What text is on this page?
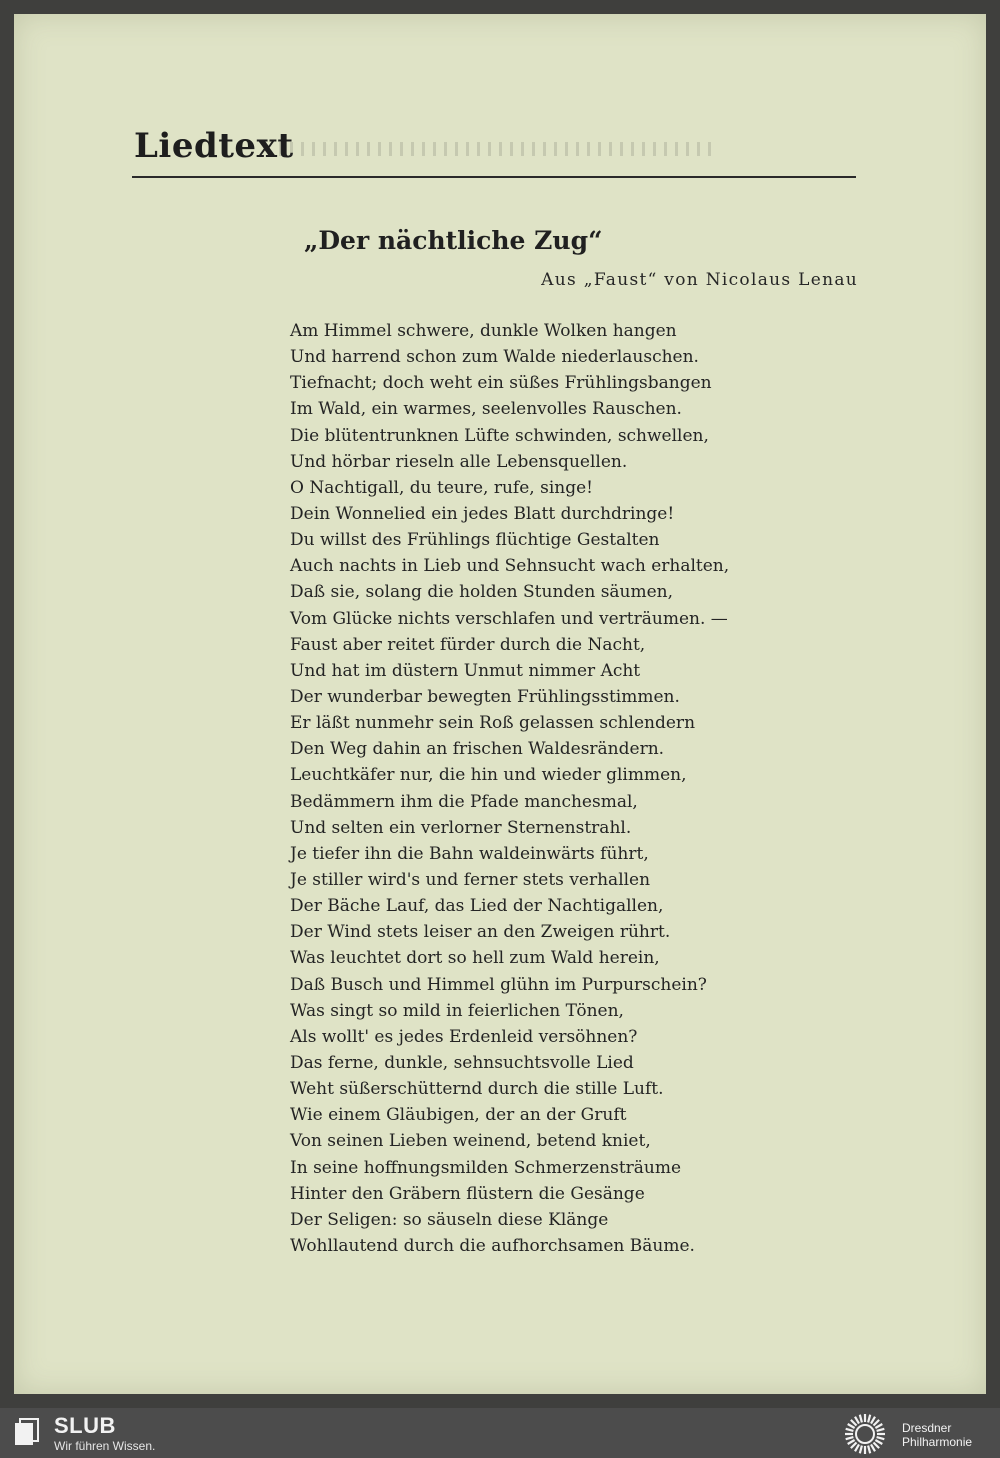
Liedtext
„Der nächtliche Zug“
Aus „Faust“ von Nicolaus Lenau
Am Himmel schwere, dunkle Wolken hangen
Und harrend schon zum Walde niederlauschen.
Tiefnacht; doch weht ein süßes Frühlingsbangen
Im Wald, ein warmes, seelenvolles Rauschen.
Die blütentrunknen Lüfte schwinden, schwellen,
Und hörbar rieseln alle Lebensquellen.
O Nachtigall, du teure, rufe, singe!
Dein Wonnelied ein jedes Blatt durchdringe!
Du willst des Frühlings flüchtige Gestalten
Auch nachts in Lieb und Sehnsucht wach erhalten,
Daß sie, solang die holden Stunden säumen,
Vom Glücke nichts verschlafen und verträumen. —
Faust aber reitet fürder durch die Nacht,
Und hat im düstern Unmut nimmer Acht
Der wunderbar bewegten Frühlingsstimmen.
Er läßt nunmehr sein Roß gelassen schlendern
Den Weg dahin an frischen Waldesrändern.
Leuchtkäfer nur, die hin und wieder glimmen,
Bedämmern ihm die Pfade manchesmal,
Und selten ein verlorner Sternenstrahl.
Je tiefer ihn die Bahn waldeinwärts führt,
Je stiller wird's und ferner stets verhallen
Der Bäche Lauf, das Lied der Nachtigallen,
Der Wind stets leiser an den Zweigen rührt.
Was leuchtet dort so hell zum Wald herein,
Daß Busch und Himmel glühn im Purpurschein?
Was singt so mild in feierlichen Tönen,
Als wollt' es jedes Erdenleid versöhnen?
Das ferne, dunkle, sehnsuchtsvolle Lied
Weht süßerschütternd durch die stille Luft.
Wie einem Gläubigen, der an der Gruft
Von seinen Lieben weinend, betend kniet,
In seine hoffnungsmilden Schmerzensträume
Hinter den Gräbern flüstern die Gesänge
Der Seligen: so säuseln diese Klänge
Wohllautend durch die aufhorchsamen Bäume.
SLUB
Wir führen Wissen.
Dresdner
Philharmonie
